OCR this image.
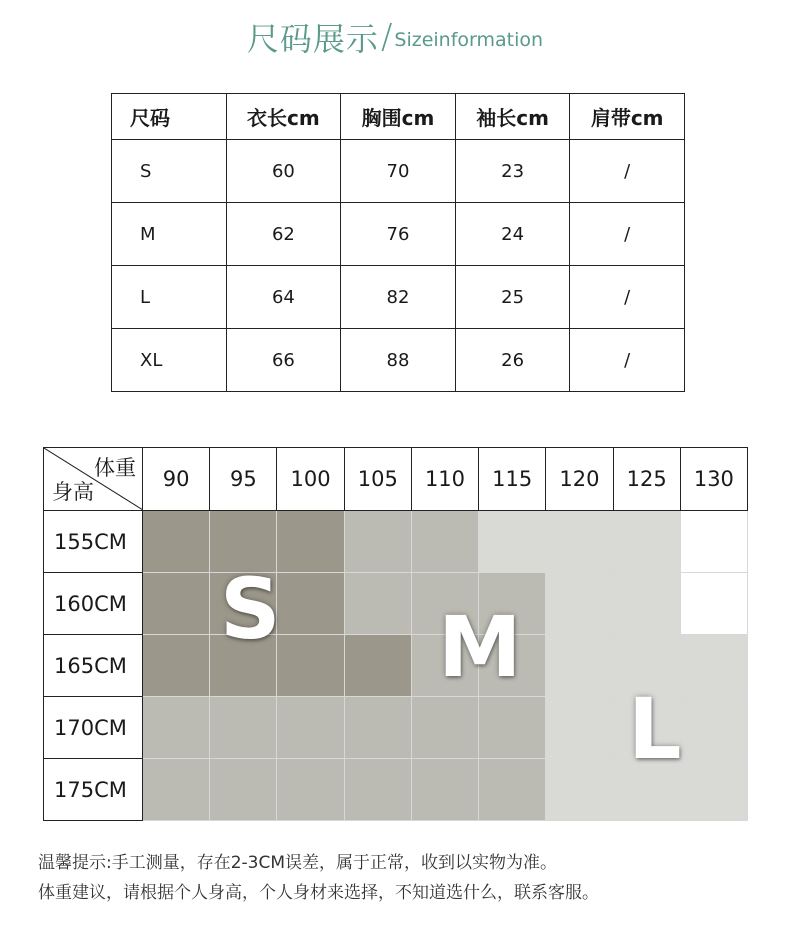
尺码展示/ Sizeinformation
尺码	衣长cm	胸围cm	袖长cm	肩带cm
S	60	70	23	/
M	62	76	24	/
L	64	82	25	/
XL	66	88	26	/
体重
身高	90	95	100	105	110	115	120	125	130
155CM									
160CM									
165CM									
170CM									
175CM									
S M
L
温馨提示:手工测量，存在2-3CM误差，属于正常，收到以实物为准。
体重建议，请根据个人身高，个人身材来选择，不知道选什么，联系客服。
